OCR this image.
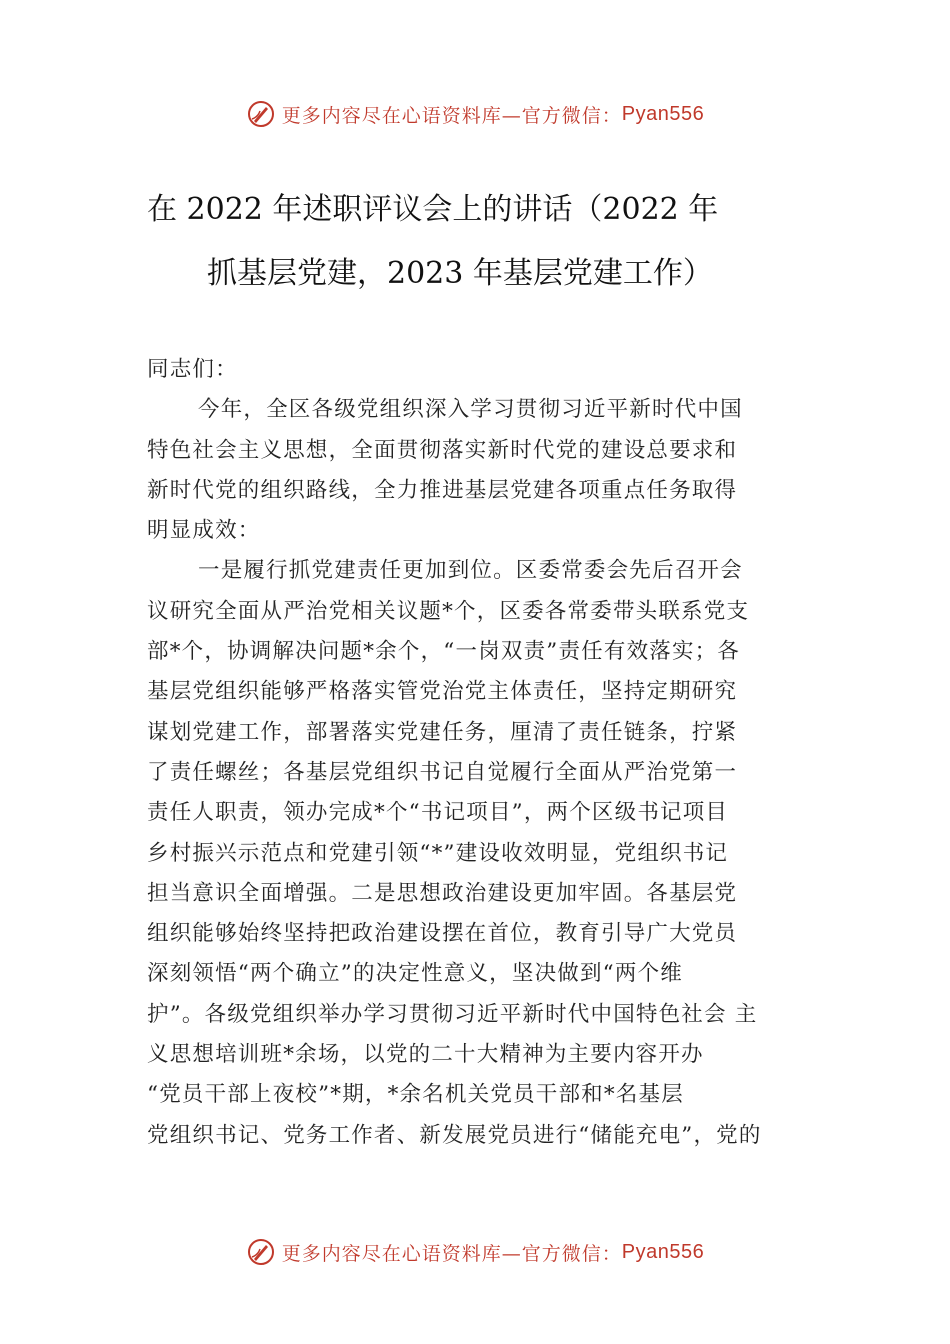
更多内容尽在心语资料库—官方微信： Pyan556
在 2022 年述职评议会上的讲话（2022 年
抓基层党建，2023 年基层党建工作）
同志们：
今年，全区各级党组织深入学习贯彻习近平新时代中国
特色社会主义思想，全面贯彻落实新时代党的建设总要求和
新时代党的组织路线，全力推进基层党建各项重点任务取得
明显成效：
一是履行抓党建责任更加到位。区委常委会先后召开会
议研究全面从严治党相关议题*个，区委各常委带头联系党支
部*个，协调解决问题*余个，“一岗双责”责任有效落实；各
基层党组织能够严格落实管党治党主体责任，坚持定期研究
谋划党建工作，部署落实党建任务，厘清了责任链条，拧紧
了责任螺丝；各基层党组织书记自觉履行全面从严治党第一
责任人职责，领办完成*个“书记项目”，两个区级书记项目
乡村振兴示范点和党建引领“*”建设收效明显，党组织书记
担当意识全面增强。二是思想政治建设更加牢固。各基层党
组织能够始终坚持把政治建设摆在首位，教育引导广大党员
深刻领悟“两个确立”的决定性意义，坚决做到“两个维
护”。各级党组织举办学习贯彻习近平新时代中国特色社会 主
义思想培训班*余场，以党的二十大精神为主要内容开办
“党员干部上夜校”*期，*余名机关党员干部和*名基层
党组织书记、党务工作者、新发展党员进行“储能充电”，党的
更多内容尽在心语资料库—官方微信： Pyan556
